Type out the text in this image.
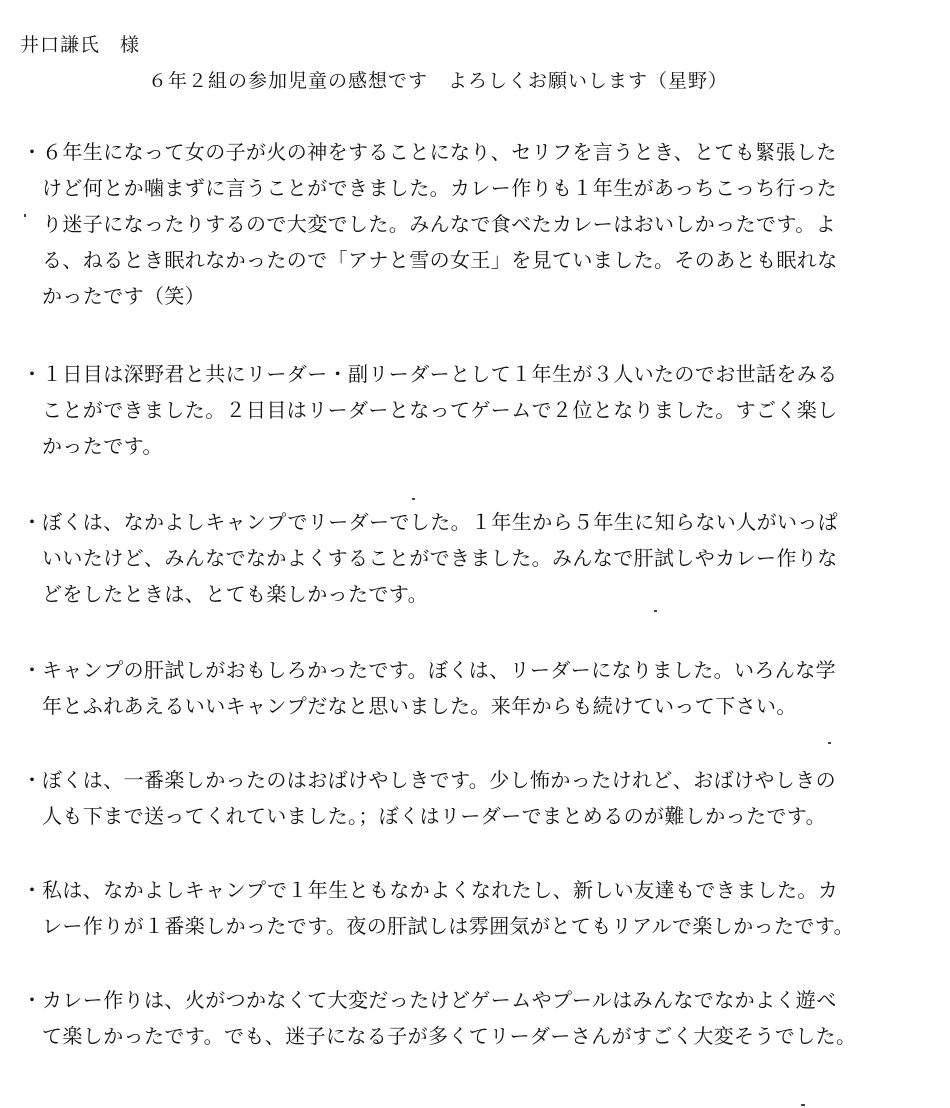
井口謙氏　様
６年２組の参加児童の感想です　よろしくお願いします（星野）
・ ６年生になって女の子が火の神をすることになり、セリフを言うとき、とても緊張した
けど何とか噛まずに言うことができました。カレー作りも１年生があっちこっち行った
り迷子になったりするので大変でした。みんなで食べたカレーはおいしかったです。よ
る、ねるとき眠れなかったので「アナと雪の女王」を見ていました。そのあとも眠れな
かったです（笑）
・ １日目は深野君と共にリーダー・副リーダーとして１年生が３人いたのでお世話をみる
ことができました。２日目はリーダーとなってゲームで２位となりました。すごく楽し
かったです。
・ ぼくは、なかよしキャンプでリーダーでした。１年生から５年生に知らない人がいっぱ
いいたけど、みんなでなかよくすることができました。みんなで肝試しやカレー作りな
どをしたときは、とても楽しかったです。
・ キャンプの肝試しがおもしろかったです。ぼくは、リーダーになりました。いろんな学
年とふれあえるいいキャンプだなと思いました。来年からも続けていって下さい。
・ ぼくは、一番楽しかったのはおばけやしきです。少し怖かったけれど、おばけやしきの
人も下まで送ってくれていました。；ぼくはリーダーでまとめるのが難しかったです。
・ 私は、なかよしキャンプで１年生ともなかよくなれたし、新しい友達もできました。カ
レー作りが１番楽しかったです。夜の肝試しは雰囲気がとてもリアルで楽しかったです。
・ カレー作りは、火がつかなくて大変だったけどゲームやプールはみんなでなかよく遊べ
て楽しかったです。でも、迷子になる子が多くてリーダーさんがすごく大変そうでした。
